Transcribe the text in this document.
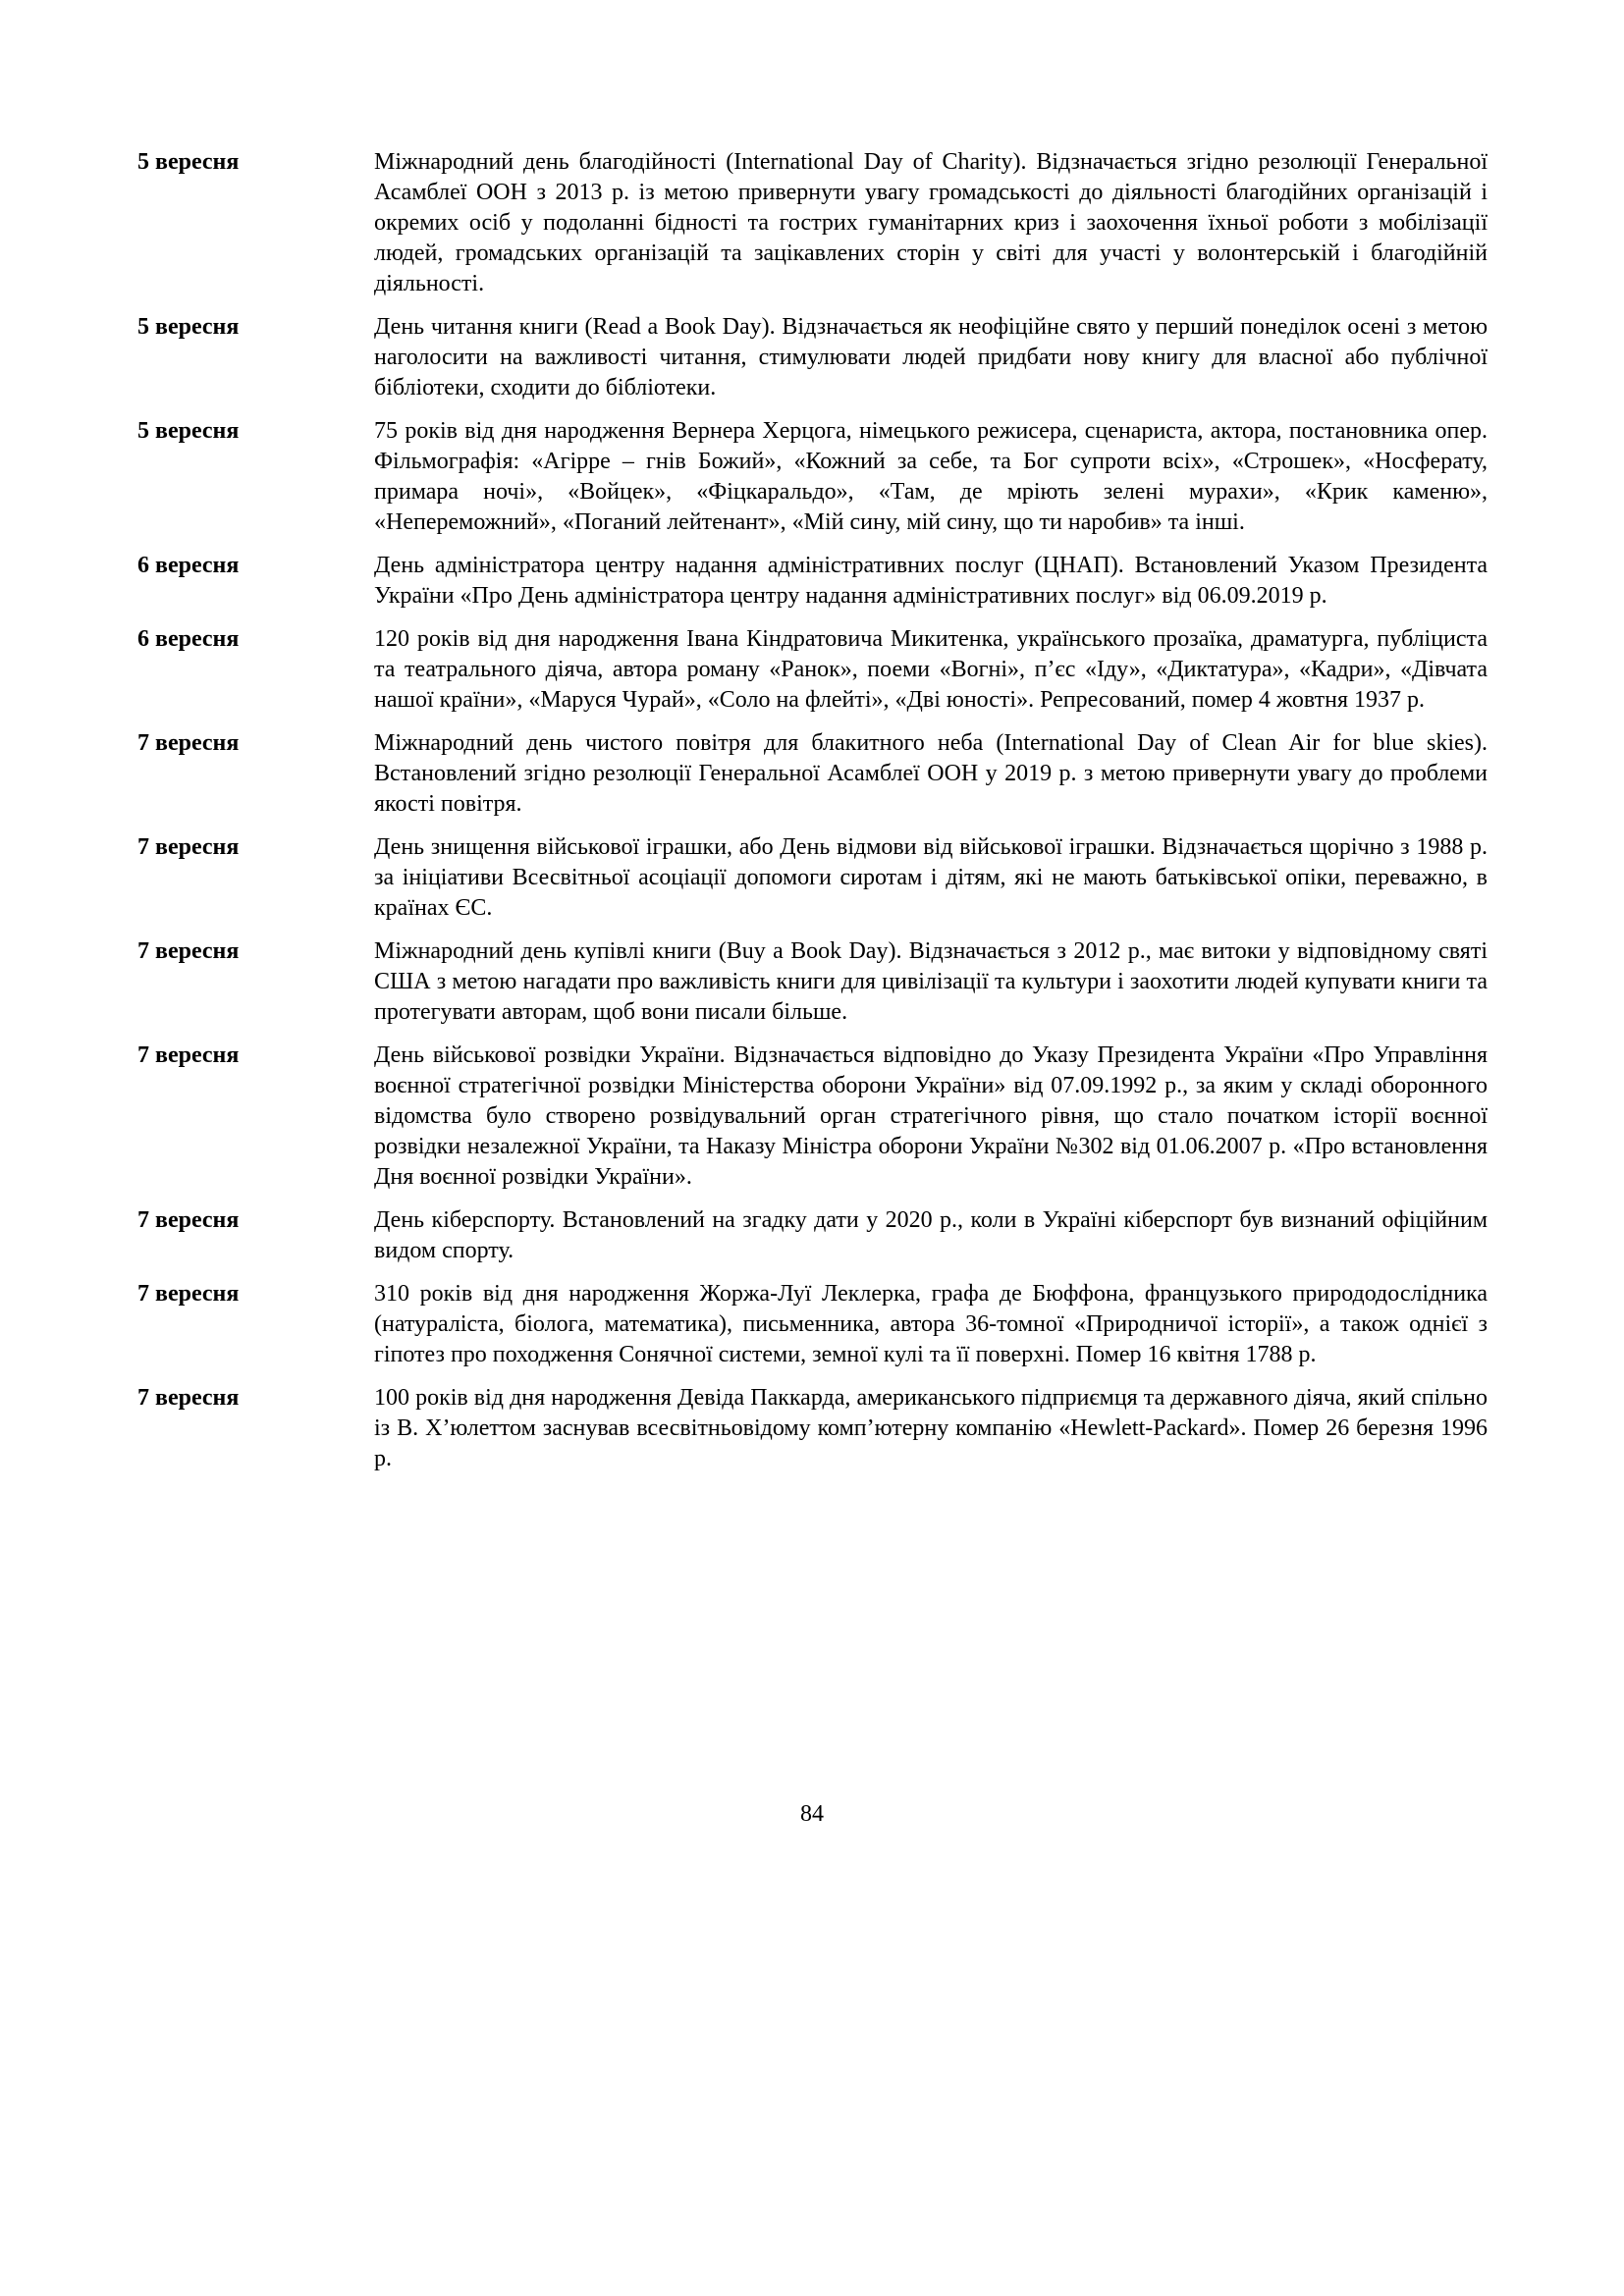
5 вересня	Міжнародний день благодійності (International Day of Charity). Відзначається згідно резолюції Генеральної Асамблеї ООН з 2013 р. із метою привернути увагу громадськості до діяльності благодійних організацій і окремих осіб у подоланні бідності та гострих гуманітарних криз і заохочення їхньої роботи з мобілізації людей, громадських організацій та зацікавлених сторін у світі для участі у волонтерській і благодійній діяльності.
5 вересня	День читання книги (Read a Book Day). Відзначається як неофіційне свято у перший понеділок осені з метою наголосити на важливості читання, стимулювати людей придбати нову книгу для власної або публічної бібліотеки, сходити до бібліотеки.
5 вересня	75 років від дня народження Вернера Херцога, німецького режисера, сценариста, актора, постановника опер. Фільмографія: «Агірре – гнів Божий», «Кожний за себе, та Бог супроти всіх», «Строшек», «Носферату, примара ночі», «Войцек», «Фіцкаральдо», «Там, де мріють зелені мурахи», «Крик каменю», «Непереможний», «Поганий лейтенант», «Мій сину, мій сину, що ти наробив» та інші.
6 вересня	День адміністратора центру надання адміністративних послуг (ЦНАП). Встановлений Указом Президента України «Про День адміністратора центру надання адміністративних послуг» від 06.09.2019 р.
6 вересня	120 років від дня народження Івана Кіндратовича Микитенка, українського прозаїка, драматурга, публіциста та театрального діяча, автора роману «Ранок», поеми «Вогні», п’єс «Іду», «Диктатура», «Кадри», «Дівчата нашої країни», «Маруся Чурай», «Соло на флейті», «Дві юності». Репресований, помер 4 жовтня 1937 р.
7 вересня	Міжнародний день чистого повітря для блакитного неба (International Day of Clean Air for blue skies). Встановлений згідно резолюції Генеральної Асамблеї ООН у 2019 р. з метою привернути увагу до проблеми якості повітря.
7 вересня	День знищення військової іграшки, або День відмови від військової іграшки. Відзначається щорічно з 1988 р. за ініціативи Всесвітньої асоціації допомоги сиротам і дітям, які не мають батьківської опіки, переважно, в країнах ЄС.
7 вересня	Міжнародний день купівлі книги (Buy a Book Day). Відзначається з 2012 р., має витоки у відповідному святі США з метою нагадати про важливість книги для цивілізації та культури і заохотити людей купувати книги та протегувати авторам, щоб вони писали більше.
7 вересня	День військової розвідки України. Відзначається відповідно до Указу Президента України «Про Управління воєнної стратегічної розвідки Міністерства оборони України» від 07.09.1992 р., за яким у складі оборонного відомства було створено розвідувальний орган стратегічного рівня, що стало початком історії воєнної розвідки незалежної України, та Наказу Міністра оборони України №302 від 01.06.2007 р. «Про встановлення Дня воєнної розвідки України».
7 вересня	День кіберспорту. Встановлений на згадку дати у 2020 р., коли в Україні кіберспорт був визнаний офіційним видом спорту.
7 вересня	310 років від дня народження Жоржа-Луї Леклерка, графа де Бюффона, французького природодослідника (натураліста, біолога, математика), письменника, автора 36-томної «Природничої історії», а також однієї з гіпотез про походження Сонячної системи, земної кулі та її поверхні. Помер 16 квітня 1788 р.
7 вересня	100 років від дня народження Девіда Паккарда, американського підприємця та державного діяча, який спільно із В. Х’юлеттом заснував всесвітньовідому комп’ютерну компанію «Hewlett-Packard». Помер 26 березня 1996 р.
84
